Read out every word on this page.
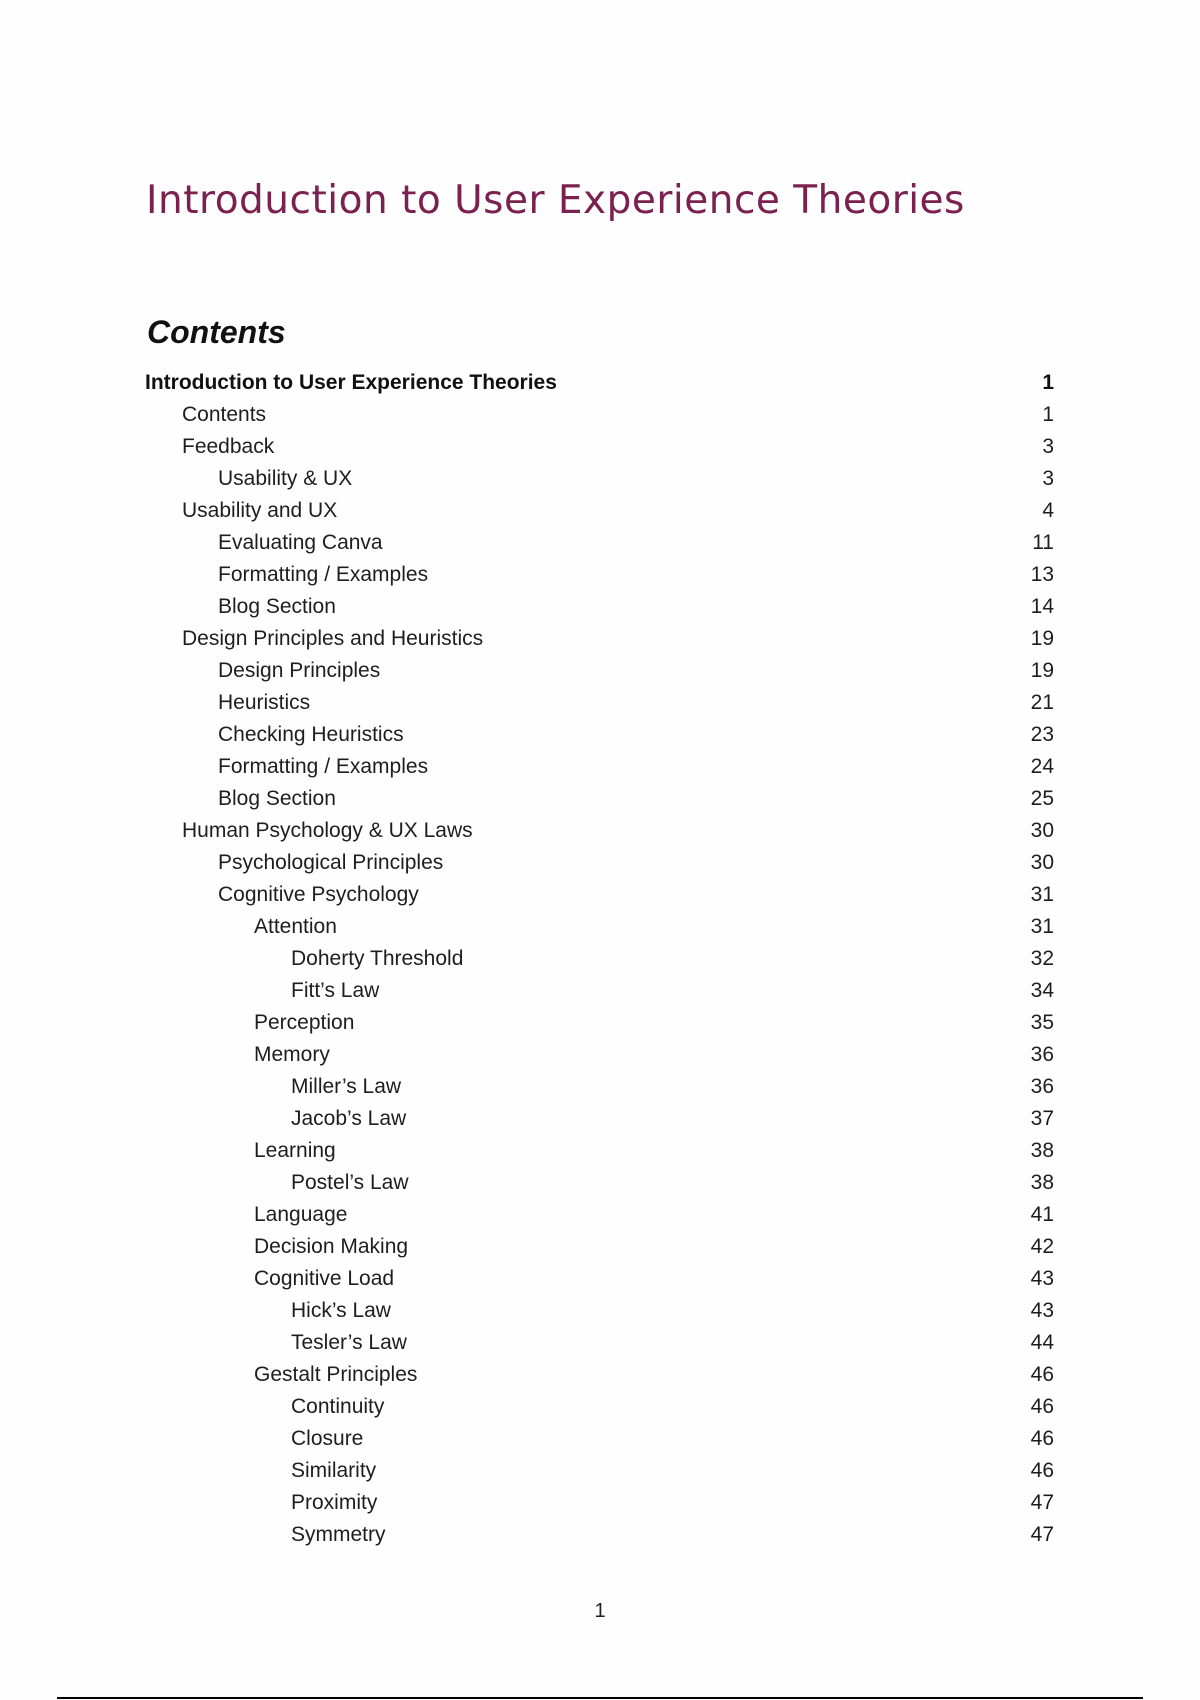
Introduction to User Experience Theories
Contents
Introduction to User Experience Theories	1
Contents	1
Feedback	3
Usability & UX	3
Usability and UX	4
Evaluating Canva	11
Formatting / Examples	13
Blog Section	14
Design Principles and Heuristics	19
Design Principles	19
Heuristics	21
Checking Heuristics	23
Formatting / Examples	24
Blog Section	25
Human Psychology & UX Laws	30
Psychological Principles	30
Cognitive Psychology	31
Attention	31
Doherty Threshold	32
Fitt’s Law	34
Perception	35
Memory	36
Miller’s Law	36
Jacob’s Law	37
Learning	38
Postel’s Law	38
Language	41
Decision Making	42
Cognitive Load	43
Hick’s Law	43
Tesler’s Law	44
Gestalt Principles	46
Continuity	46
Closure	46
Similarity	46
Proximity	47
Symmetry	47
1
